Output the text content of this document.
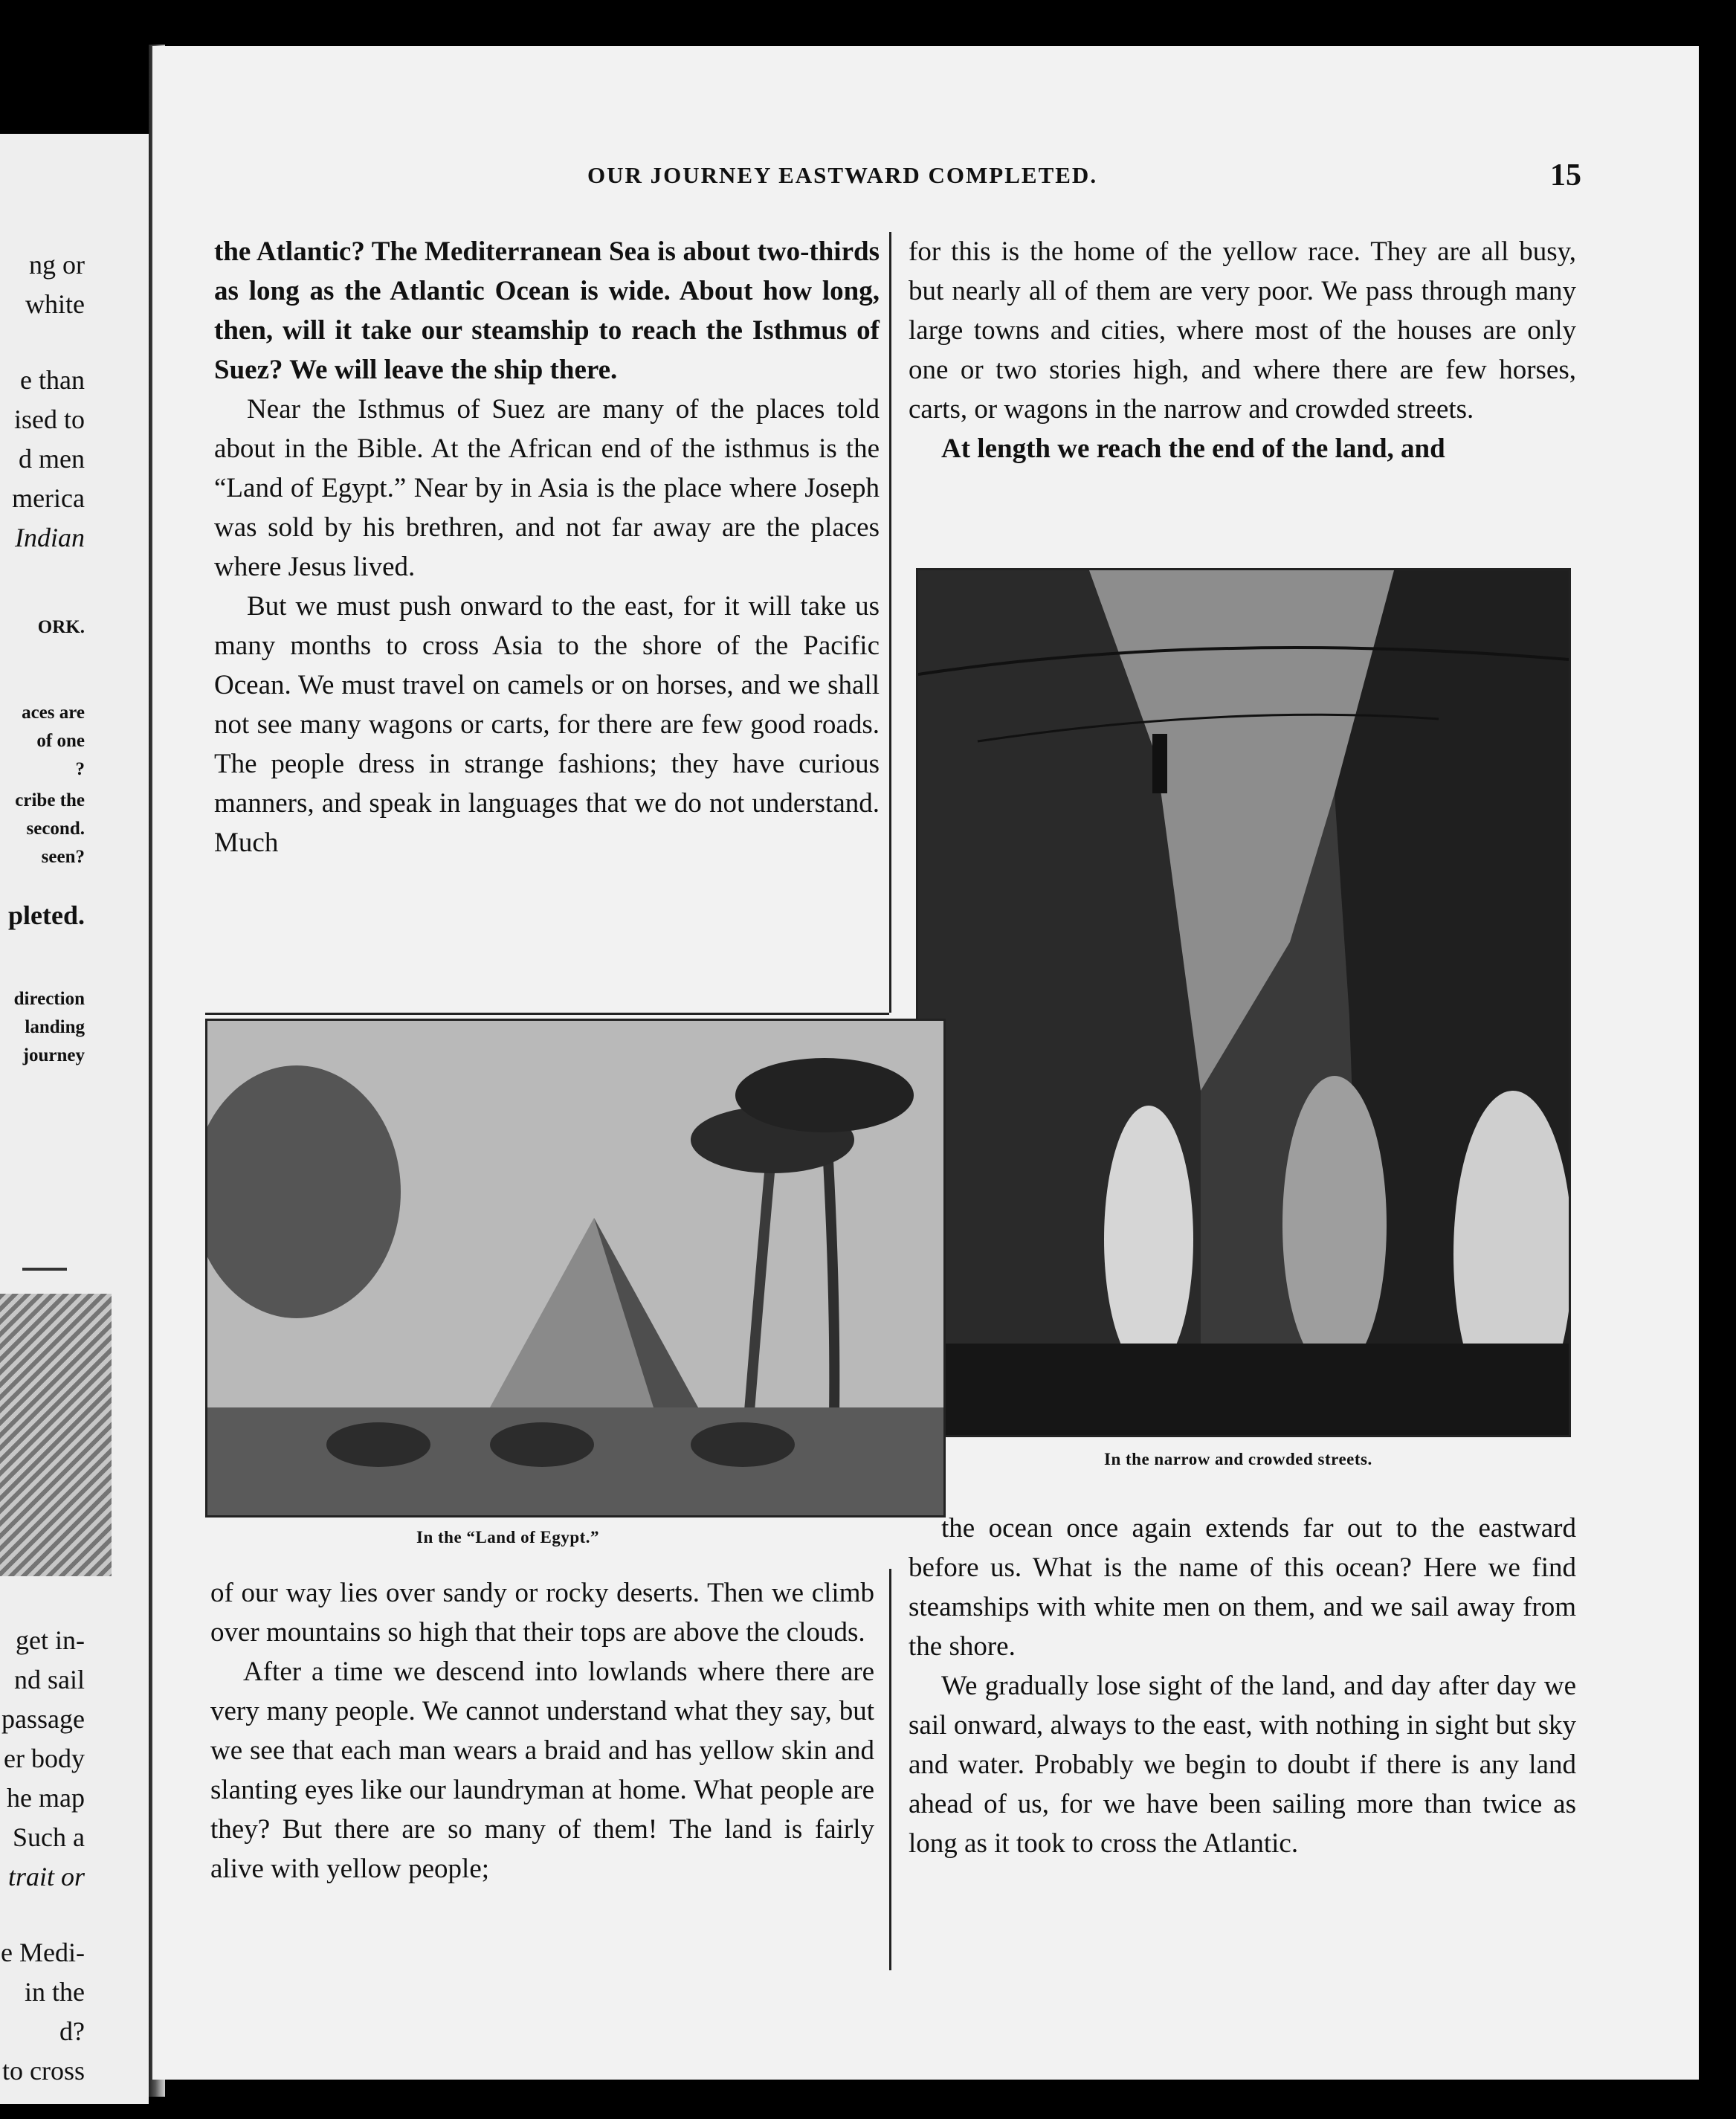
ng or
white
e than
ised to
d men
merica
Indian
ORK.
aces are
of one
?
cribe the
second.
seen?
pleted.
direction
landing
journey
get in-
nd sail
passage
er body
he map
Such a
trait or
e Medi-
in the
d?
to cross
OUR JOURNEY EASTWARD COMPLETED.	15

the Atlantic? The Mediterranean Sea is about two-thirds as long as the Atlantic Ocean is wide. About how long, then, will it take our steamship to reach the Isthmus of Suez? We will leave the ship there.

Near the Isthmus of Suez are many of the places told about in the Bible. At the African end of the isthmus is the “Land of Egypt.” Near by in Asia is the place where Joseph was sold by his brethren, and not far away are the places where Jesus lived.

But we must push onward to the east, for it will take us many months to cross Asia to the shore of the Pacific Ocean. We must travel on camels or on horses, and we shall not see many wagons or carts, for there are few good roads. The people dress in strange fashions; they have curious manners, and speak in languages that we do not understand. Much

for this is the home of the yellow race. They are all busy, but nearly all of them are very poor. We pass through many large towns and cities, where most of the houses are only one or two stories high, and where there are few horses, carts, or wagons in the narrow and crowded streets.

At length we reach the end of the land, and

In the narrow and crowded streets.
In the “Land of Egypt.”

of our way lies over sandy or rocky deserts. Then we climb over mountains so high that their tops are above the clouds.

After a time we descend into lowlands where there are very many people. We cannot understand what they say, but we see that each man wears a braid and has yellow skin and slanting eyes like our laundryman at home. What people are they? But there are so many of them! The land is fairly alive with yellow people;

the ocean once again extends far out to the eastward before us. What is the name of this ocean? Here we find steamships with white men on them, and we sail away from the shore.

We gradually lose sight of the land, and day after day we sail onward, always to the east, with nothing in sight but sky and water. Probably we begin to doubt if there is any land ahead of us, for we have been sailing more than twice as long as it took to cross the Atlantic.
